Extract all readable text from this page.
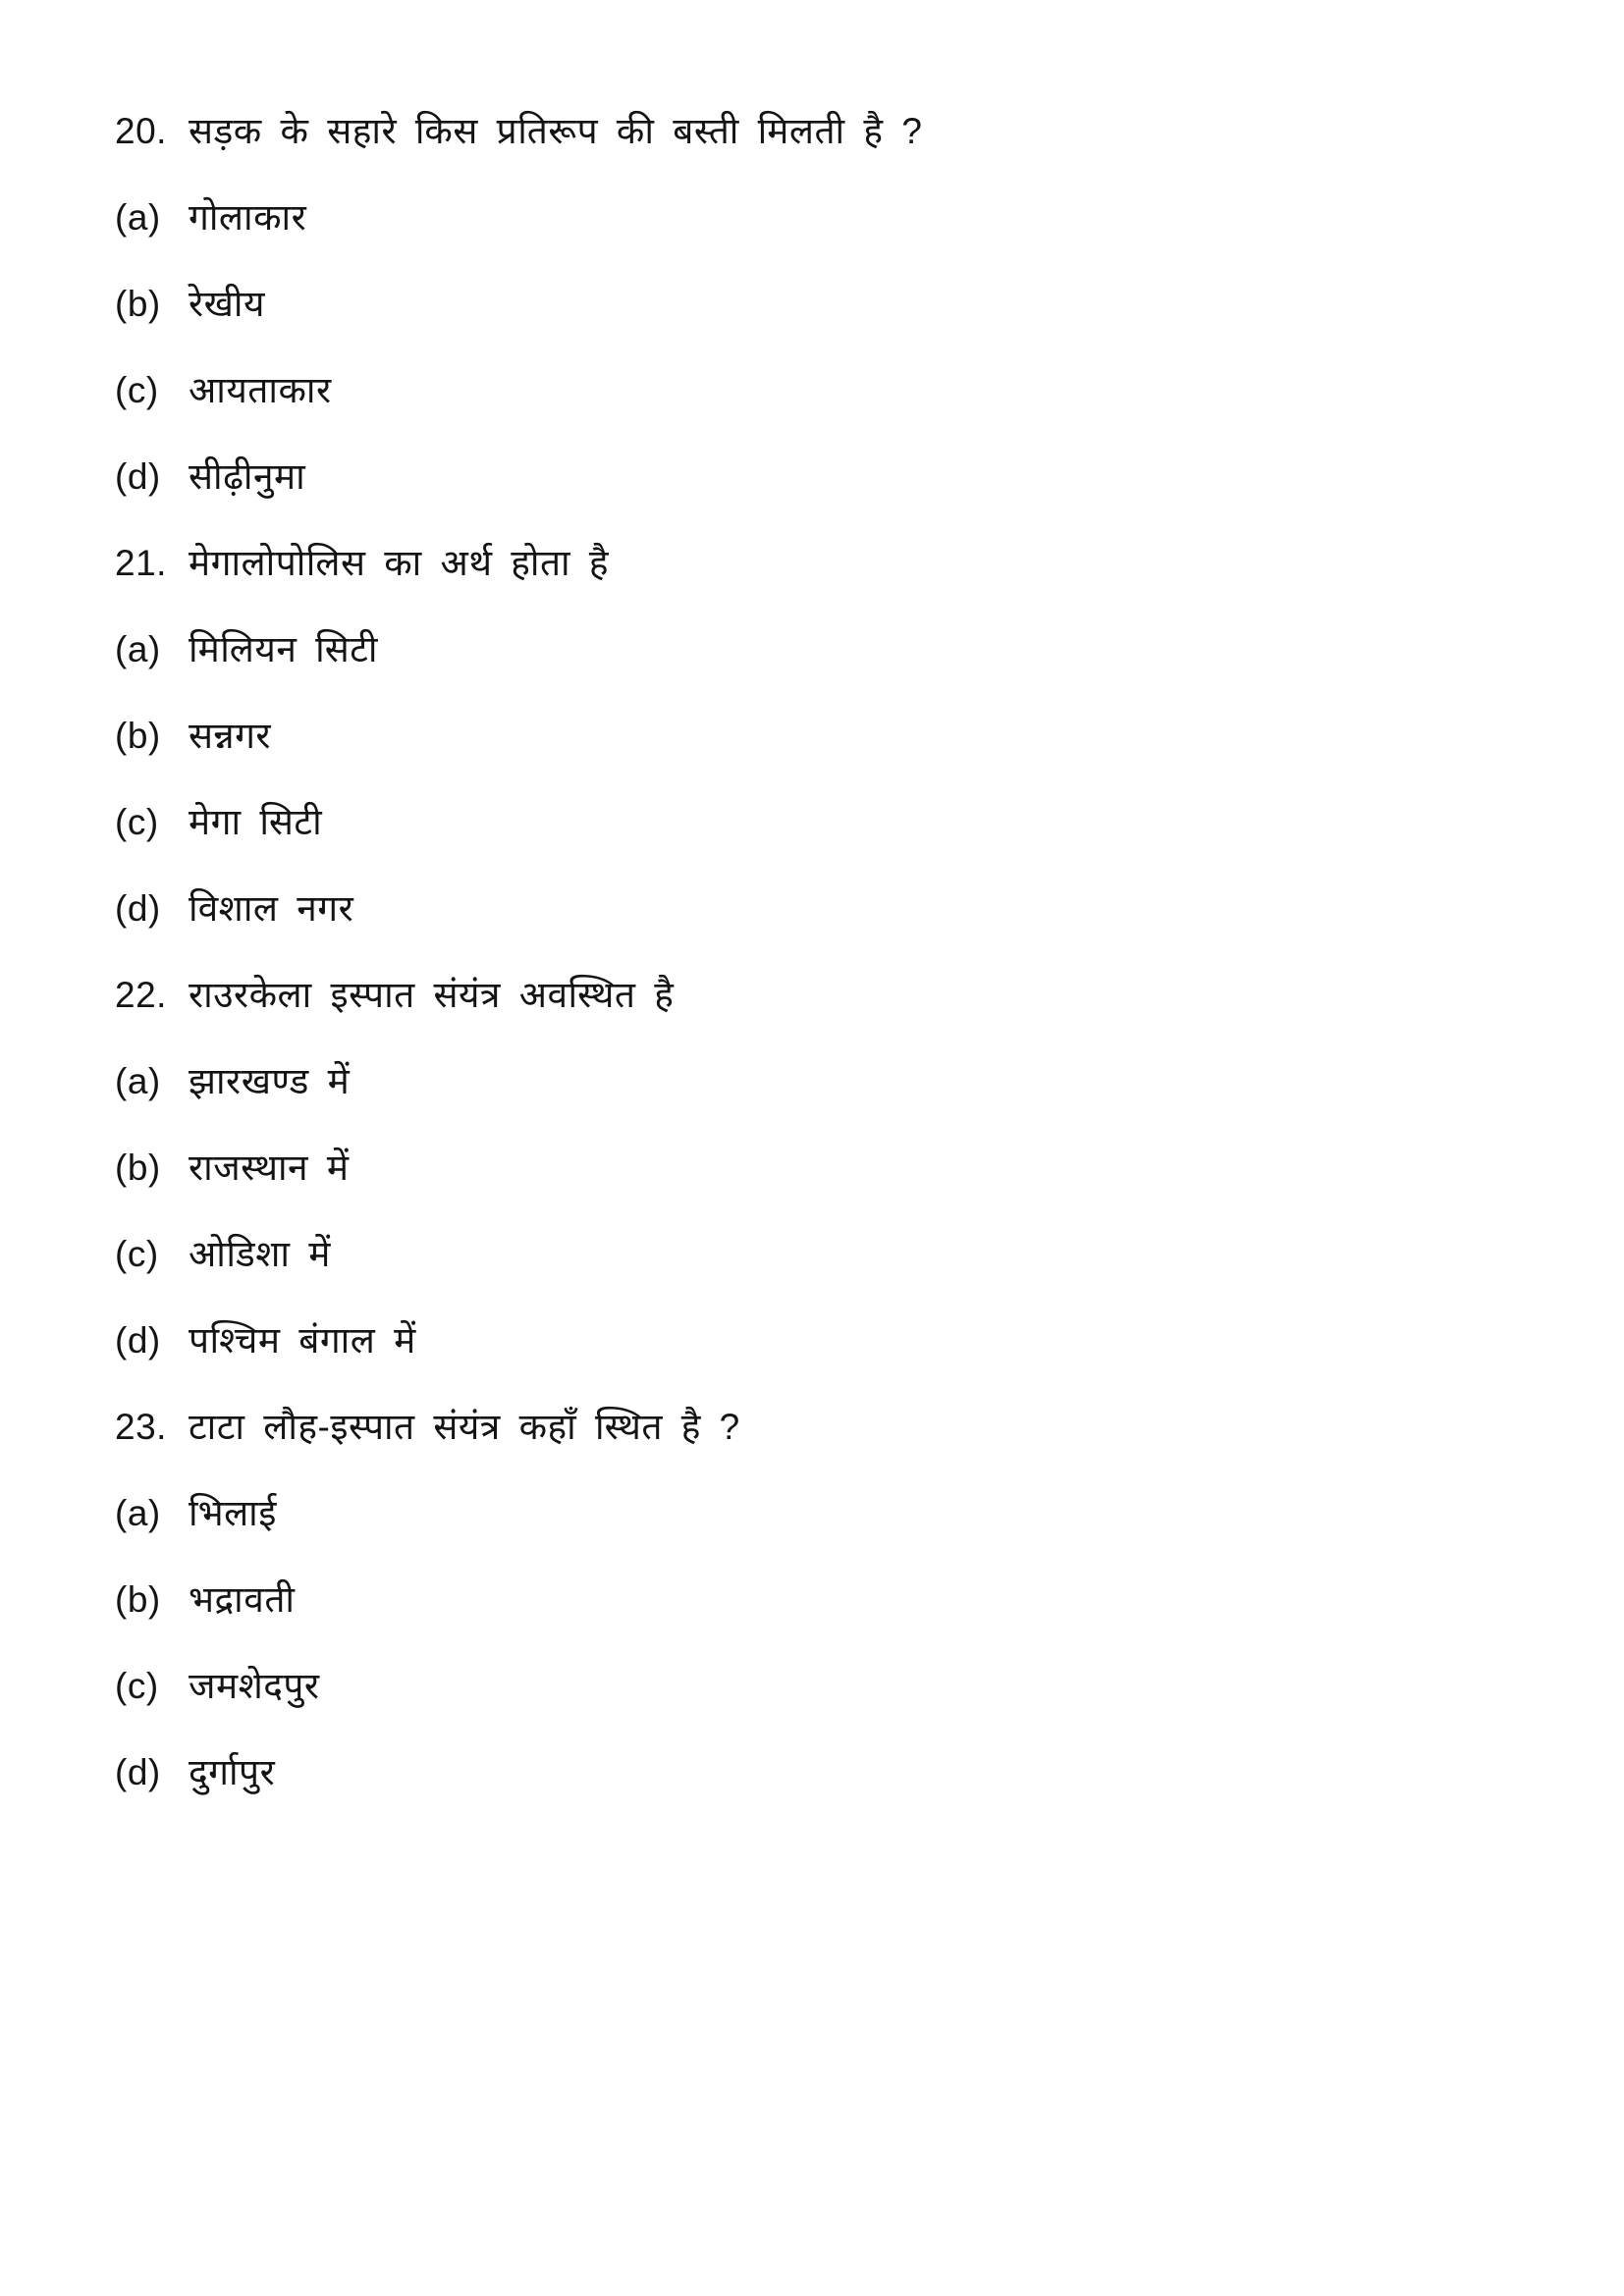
20. सड़क के सहारे किस प्रतिरूप की बस्ती मिलती है ?
(a) गोलाकार
(b) रेखीय
(c) आयताकार
(d) सीढ़ीनुमा
21. मेगालोपोलिस का अर्थ होता है
(a) मिलियन सिटी
(b) सन्नगर
(c) मेगा सिटी
(d) विशाल नगर
22. राउरकेला इस्पात संयंत्र अवस्थित है
(a) झारखण्ड में
(b) राजस्थान में
(c) ओडिशा में
(d) पश्चिम बंगाल में
23. टाटा लौह-इस्पात संयंत्र कहाँ स्थित है ?
(a) भिलाई
(b) भद्रावती
(c) जमशेदपुर
(d) दुर्गापुर
